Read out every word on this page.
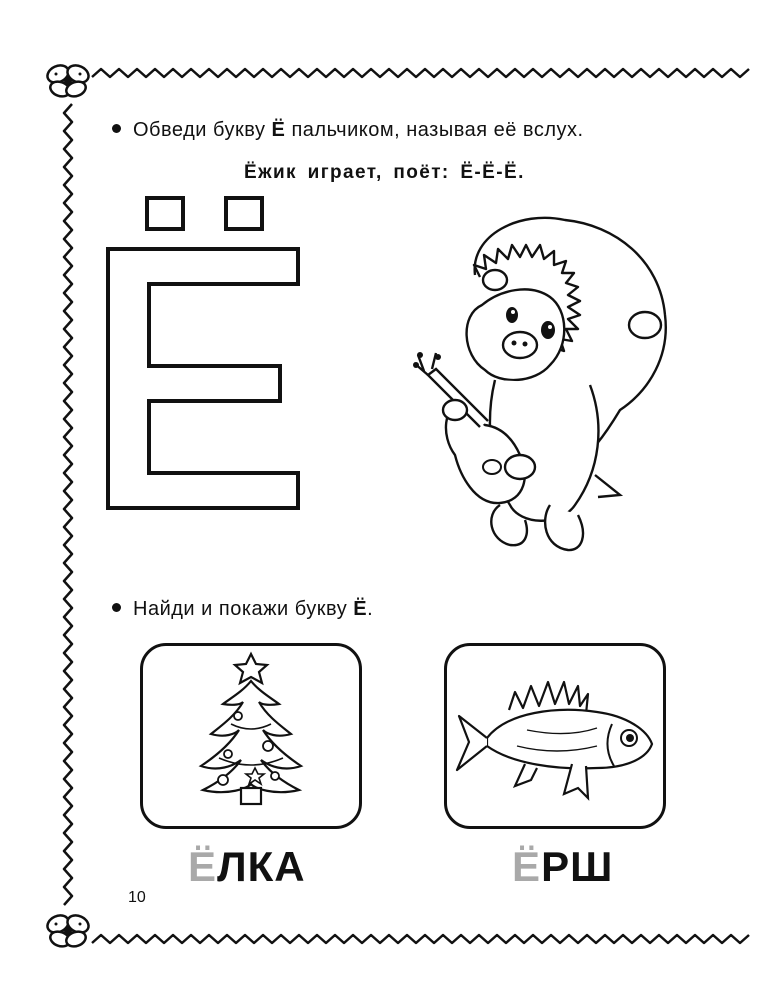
Обведи букву Ё пальчиком, называя её вслух.
Ёжик играет, поёт: Ё-Ё-Ё.
Найди и покажи букву Ё.
ЁЛКА	ЁРШ
10
